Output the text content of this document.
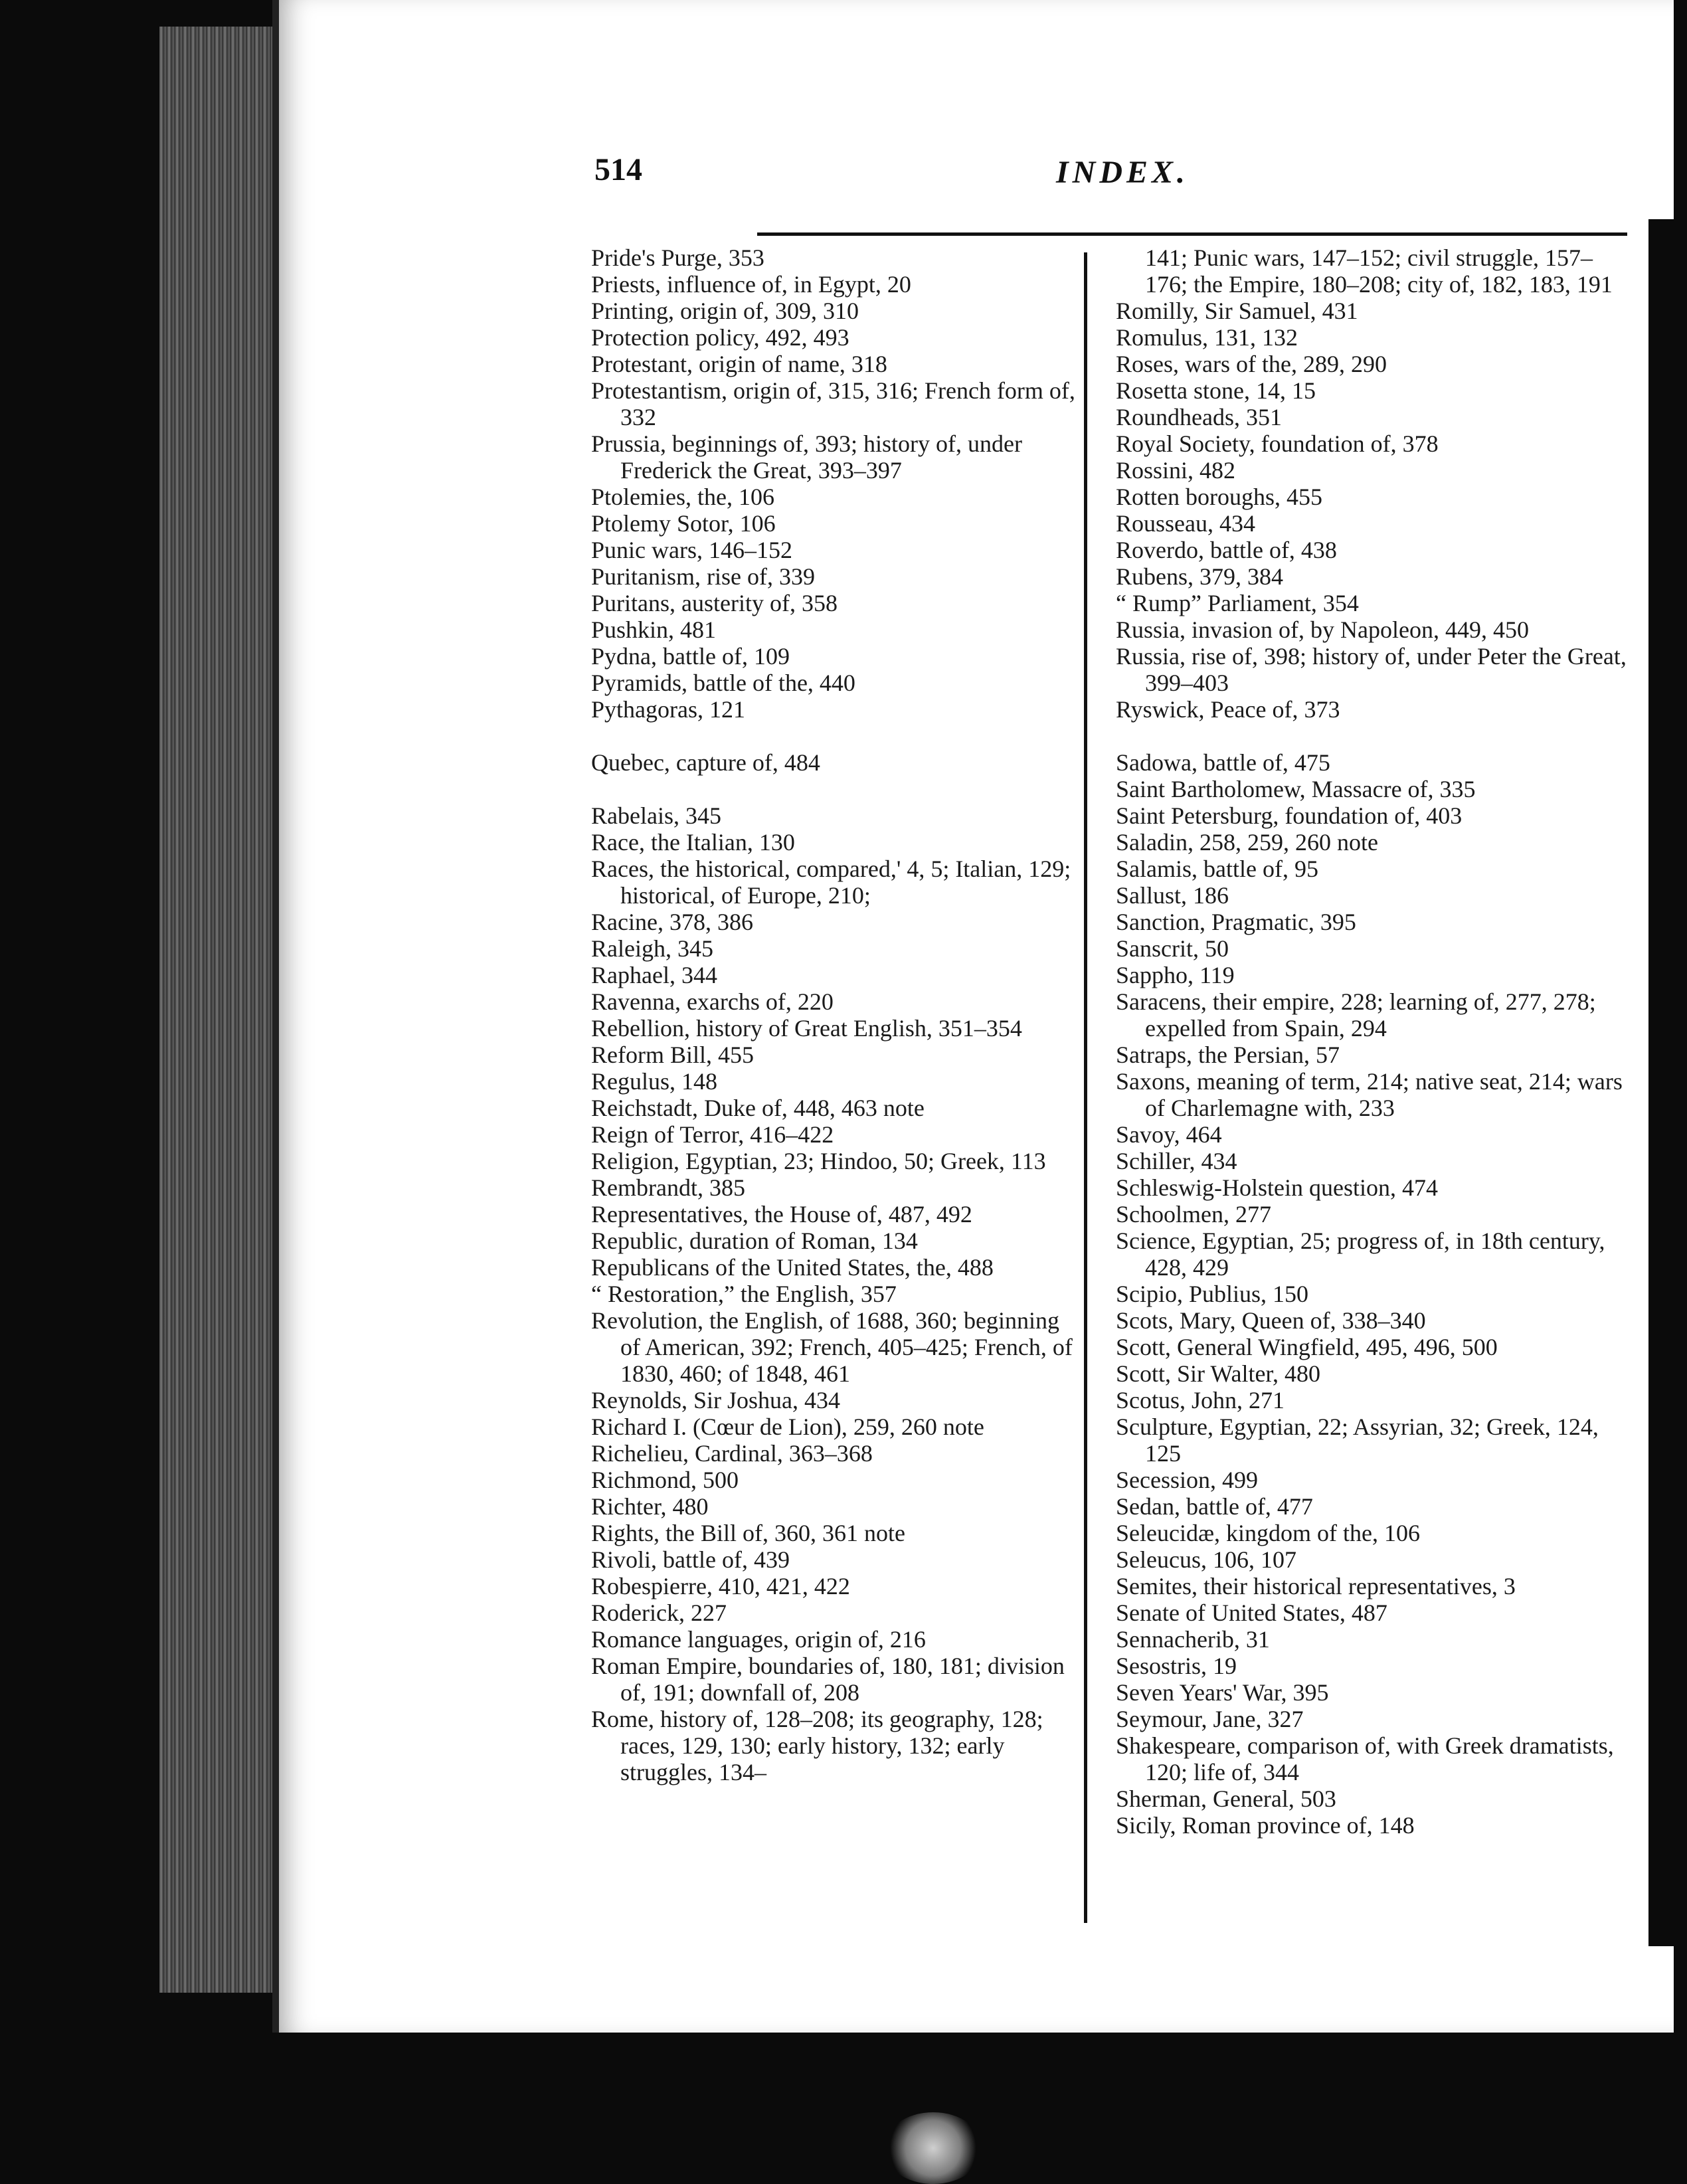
514	INDEX.

Pride's Purge, 353

Priests, influence of, in Egypt, 20

Printing, origin of, 309, 310

Protection policy, 492, 493

Protestant, origin of name, 318

Protestantism, origin of, 315, 316; French form of, 332

Prussia, beginnings of, 393; history of, under Frederick the Great, 393–397

Ptolemies, the, 106

Ptolemy Sotor, 106

Punic wars, 146–152

Puritanism, rise of, 339

Puritans, austerity of, 358

Pushkin, 481

Pydna, battle of, 109

Pyramids, battle of the, 440

Pythagoras, 121

Quebec, capture of, 484

Rabelais, 345

Race, the Italian, 130

Races, the historical, compared,' 4, 5; Italian, 129; historical, of Europe, 210;

Racine, 378, 386

Raleigh, 345

Raphael, 344

Ravenna, exarchs of, 220

Rebellion, history of Great English, 351–354

Reform Bill, 455

Regulus, 148

Reichstadt, Duke of, 448, 463 note

Reign of Terror, 416–422

Religion, Egyptian, 23; Hindoo, 50; Greek, 113

Rembrandt, 385

Representatives, the House of, 487, 492

Republic, duration of Roman, 134

Republicans of the United States, the, 488

“ Restoration,” the English, 357

Revolution, the English, of 1688, 360; beginning of American, 392; French, 405–425; French, of 1830, 460; of 1848, 461

Reynolds, Sir Joshua, 434

Richard I. (Cœur de Lion), 259, 260 note

Richelieu, Cardinal, 363–368

Richmond, 500

Richter, 480

Rights, the Bill of, 360, 361 note

Rivoli, battle of, 439

Robespierre, 410, 421, 422

Roderick, 227

Romance languages, origin of, 216

Roman Empire, boundaries of, 180, 181; division of, 191; downfall of, 208

Rome, history of, 128–208; its geography, 128; races, 129, 130; early history, 132; early struggles, 134–

141; Punic wars, 147–152; civil struggle, 157–176; the Empire, 180–208; city of, 182, 183, 191

Romilly, Sir Samuel, 431

Romulus, 131, 132

Roses, wars of the, 289, 290

Rosetta stone, 14, 15

Roundheads, 351

Royal Society, foundation of, 378

Rossini, 482

Rotten boroughs, 455

Rousseau, 434

Roverdo, battle of, 438

Rubens, 379, 384

“ Rump” Parliament, 354

Russia, invasion of, by Napoleon, 449, 450

Russia, rise of, 398; history of, under Peter the Great, 399–403

Ryswick, Peace of, 373

Sadowa, battle of, 475

Saint Bartholomew, Massacre of, 335

Saint Petersburg, foundation of, 403

Saladin, 258, 259, 260 note

Salamis, battle of, 95

Sallust, 186

Sanction, Pragmatic, 395

Sanscrit, 50

Sappho, 119

Saracens, their empire, 228; learning of, 277, 278; expelled from Spain, 294

Satraps, the Persian, 57

Saxons, meaning of term, 214; native seat, 214; wars of Charlemagne with, 233

Savoy, 464

Schiller, 434

Schleswig-Holstein question, 474

Schoolmen, 277

Science, Egyptian, 25; progress of, in 18th century, 428, 429

Scipio, Publius, 150

Scots, Mary, Queen of, 338–340

Scott, General Wingfield, 495, 496, 500

Scott, Sir Walter, 480

Scotus, John, 271

Sculpture, Egyptian, 22; Assyrian, 32; Greek, 124, 125

Secession, 499

Sedan, battle of, 477

Seleucidæ, kingdom of the, 106

Seleucus, 106, 107

Semites, their historical representatives, 3

Senate of United States, 487

Sennacherib, 31

Sesostris, 19

Seven Years' War, 395

Seymour, Jane, 327

Shakespeare, comparison of, with Greek dramatists, 120; life of, 344

Sherman, General, 503

Sicily, Roman province of, 148
